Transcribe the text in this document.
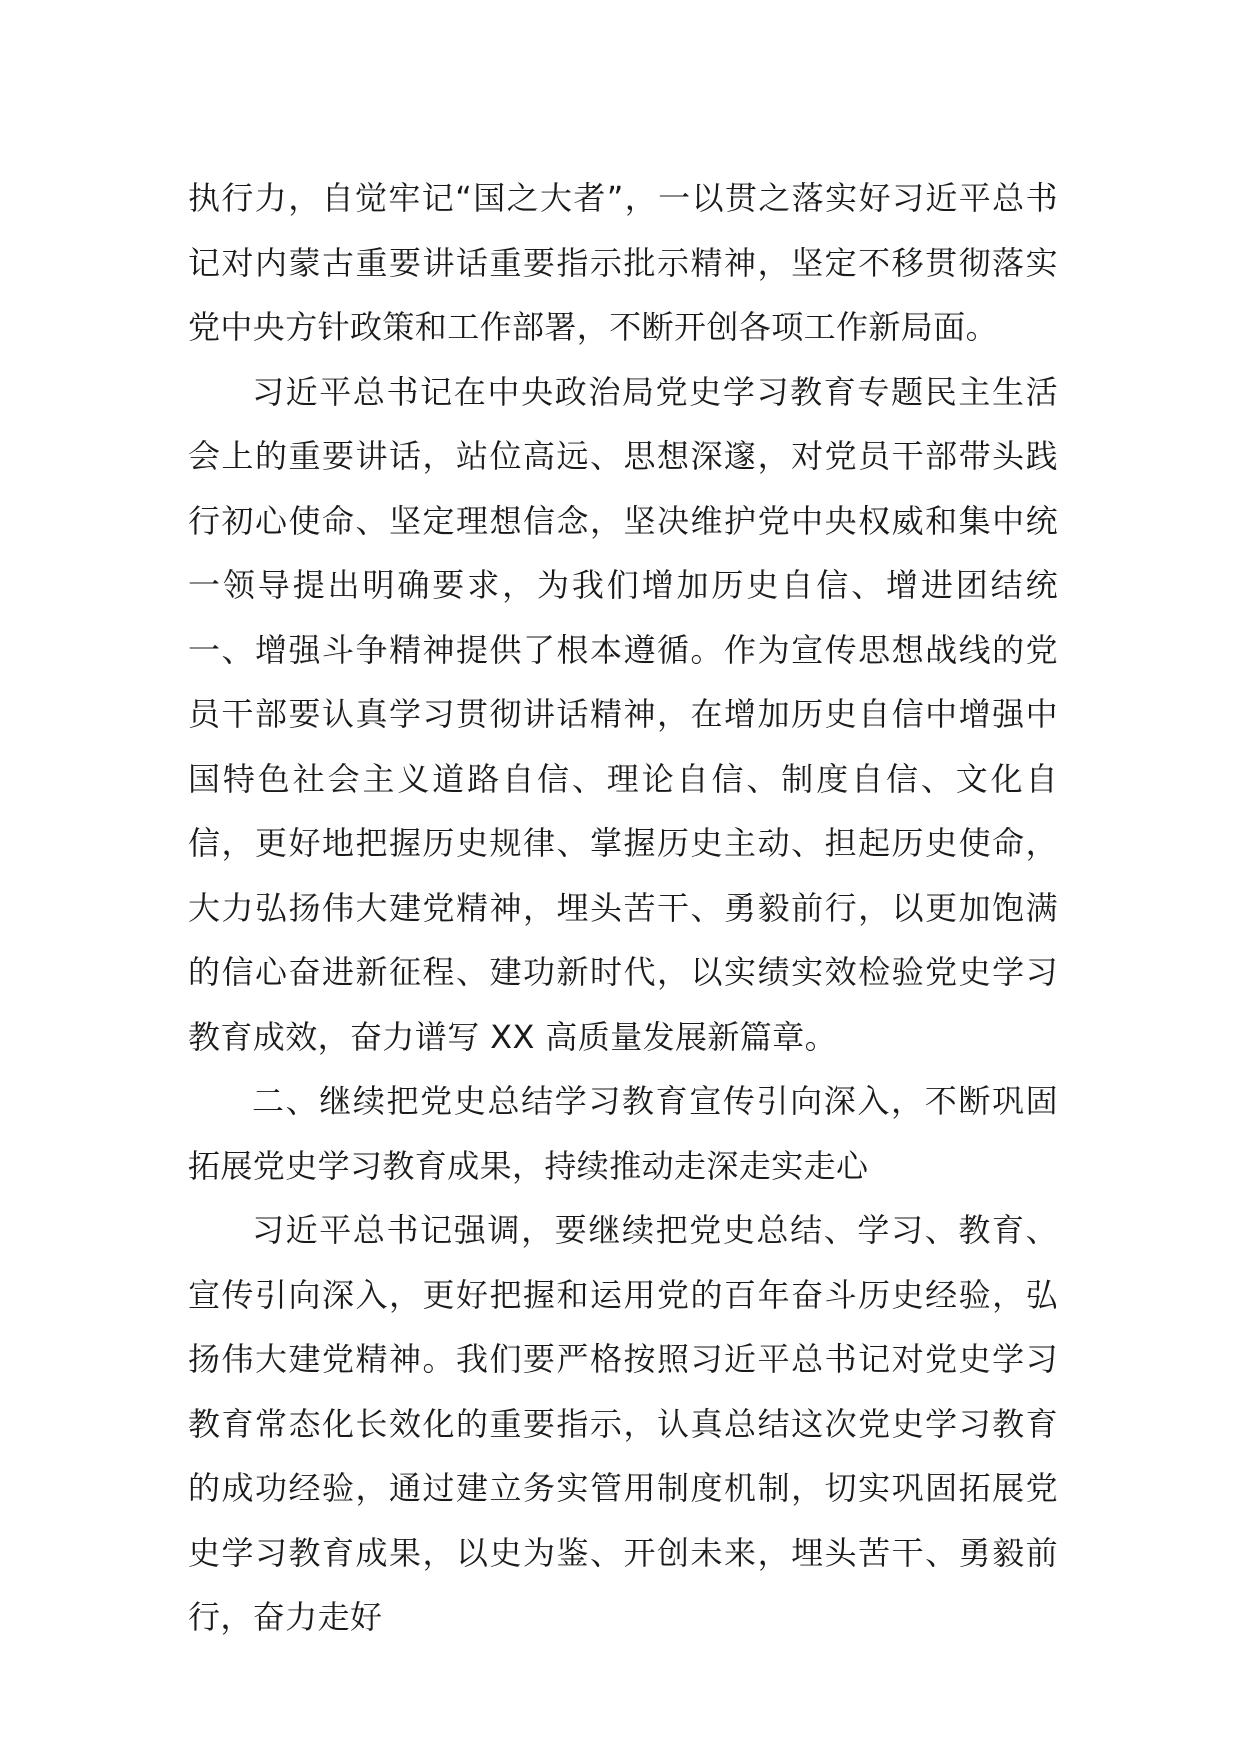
执行力，自觉牢记“国之大者”，一以贯之落实好习近平总书记对内蒙古重要讲话重要指示批示精神，坚定不移贯彻落实党中央方针政策和工作部署，不断开创各项工作新局面。

习近平总书记在中央政治局党史学习教育专题民主生活会上的重要讲话，站位高远、思想深邃，对党员干部带头践行初心使命、坚定理想信念，坚决维护党中央权威和集中统一领导提出明确要求，为我们增加历史自信、增进团结统一、增强斗争精神提供了根本遵循。作为宣传思想战线的党员干部要认真学习贯彻讲话精神，在增加历史自信中增强中国特色社会主义道路自信、理论自信、制度自信、文化自信，更好地把握历史规律、掌握历史主动、担起历史使命，大力弘扬伟大建党精神，埋头苦干、勇毅前行，以更加饱满的信心奋进新征程、建功新时代，以实绩实效检验党史学习教育成效，奋力谱写 XX 高质量发展新篇章。

二、继续把党史总结学习教育宣传引向深入，不断巩固拓展党史学习教育成果，持续推动走深走实走心

习近平总书记强调，要继续把党史总结、学习、教育、宣传引向深入，更好把握和运用党的百年奋斗历史经验，弘扬伟大建党精神。我们要严格按照习近平总书记对党史学习教育常态化长效化的重要指示，认真总结这次党史学习教育的成功经验，通过建立务实管用制度机制，切实巩固拓展党史学习教育成果，以史为鉴、开创未来，埋头苦干、勇毅前行，奋力走好
